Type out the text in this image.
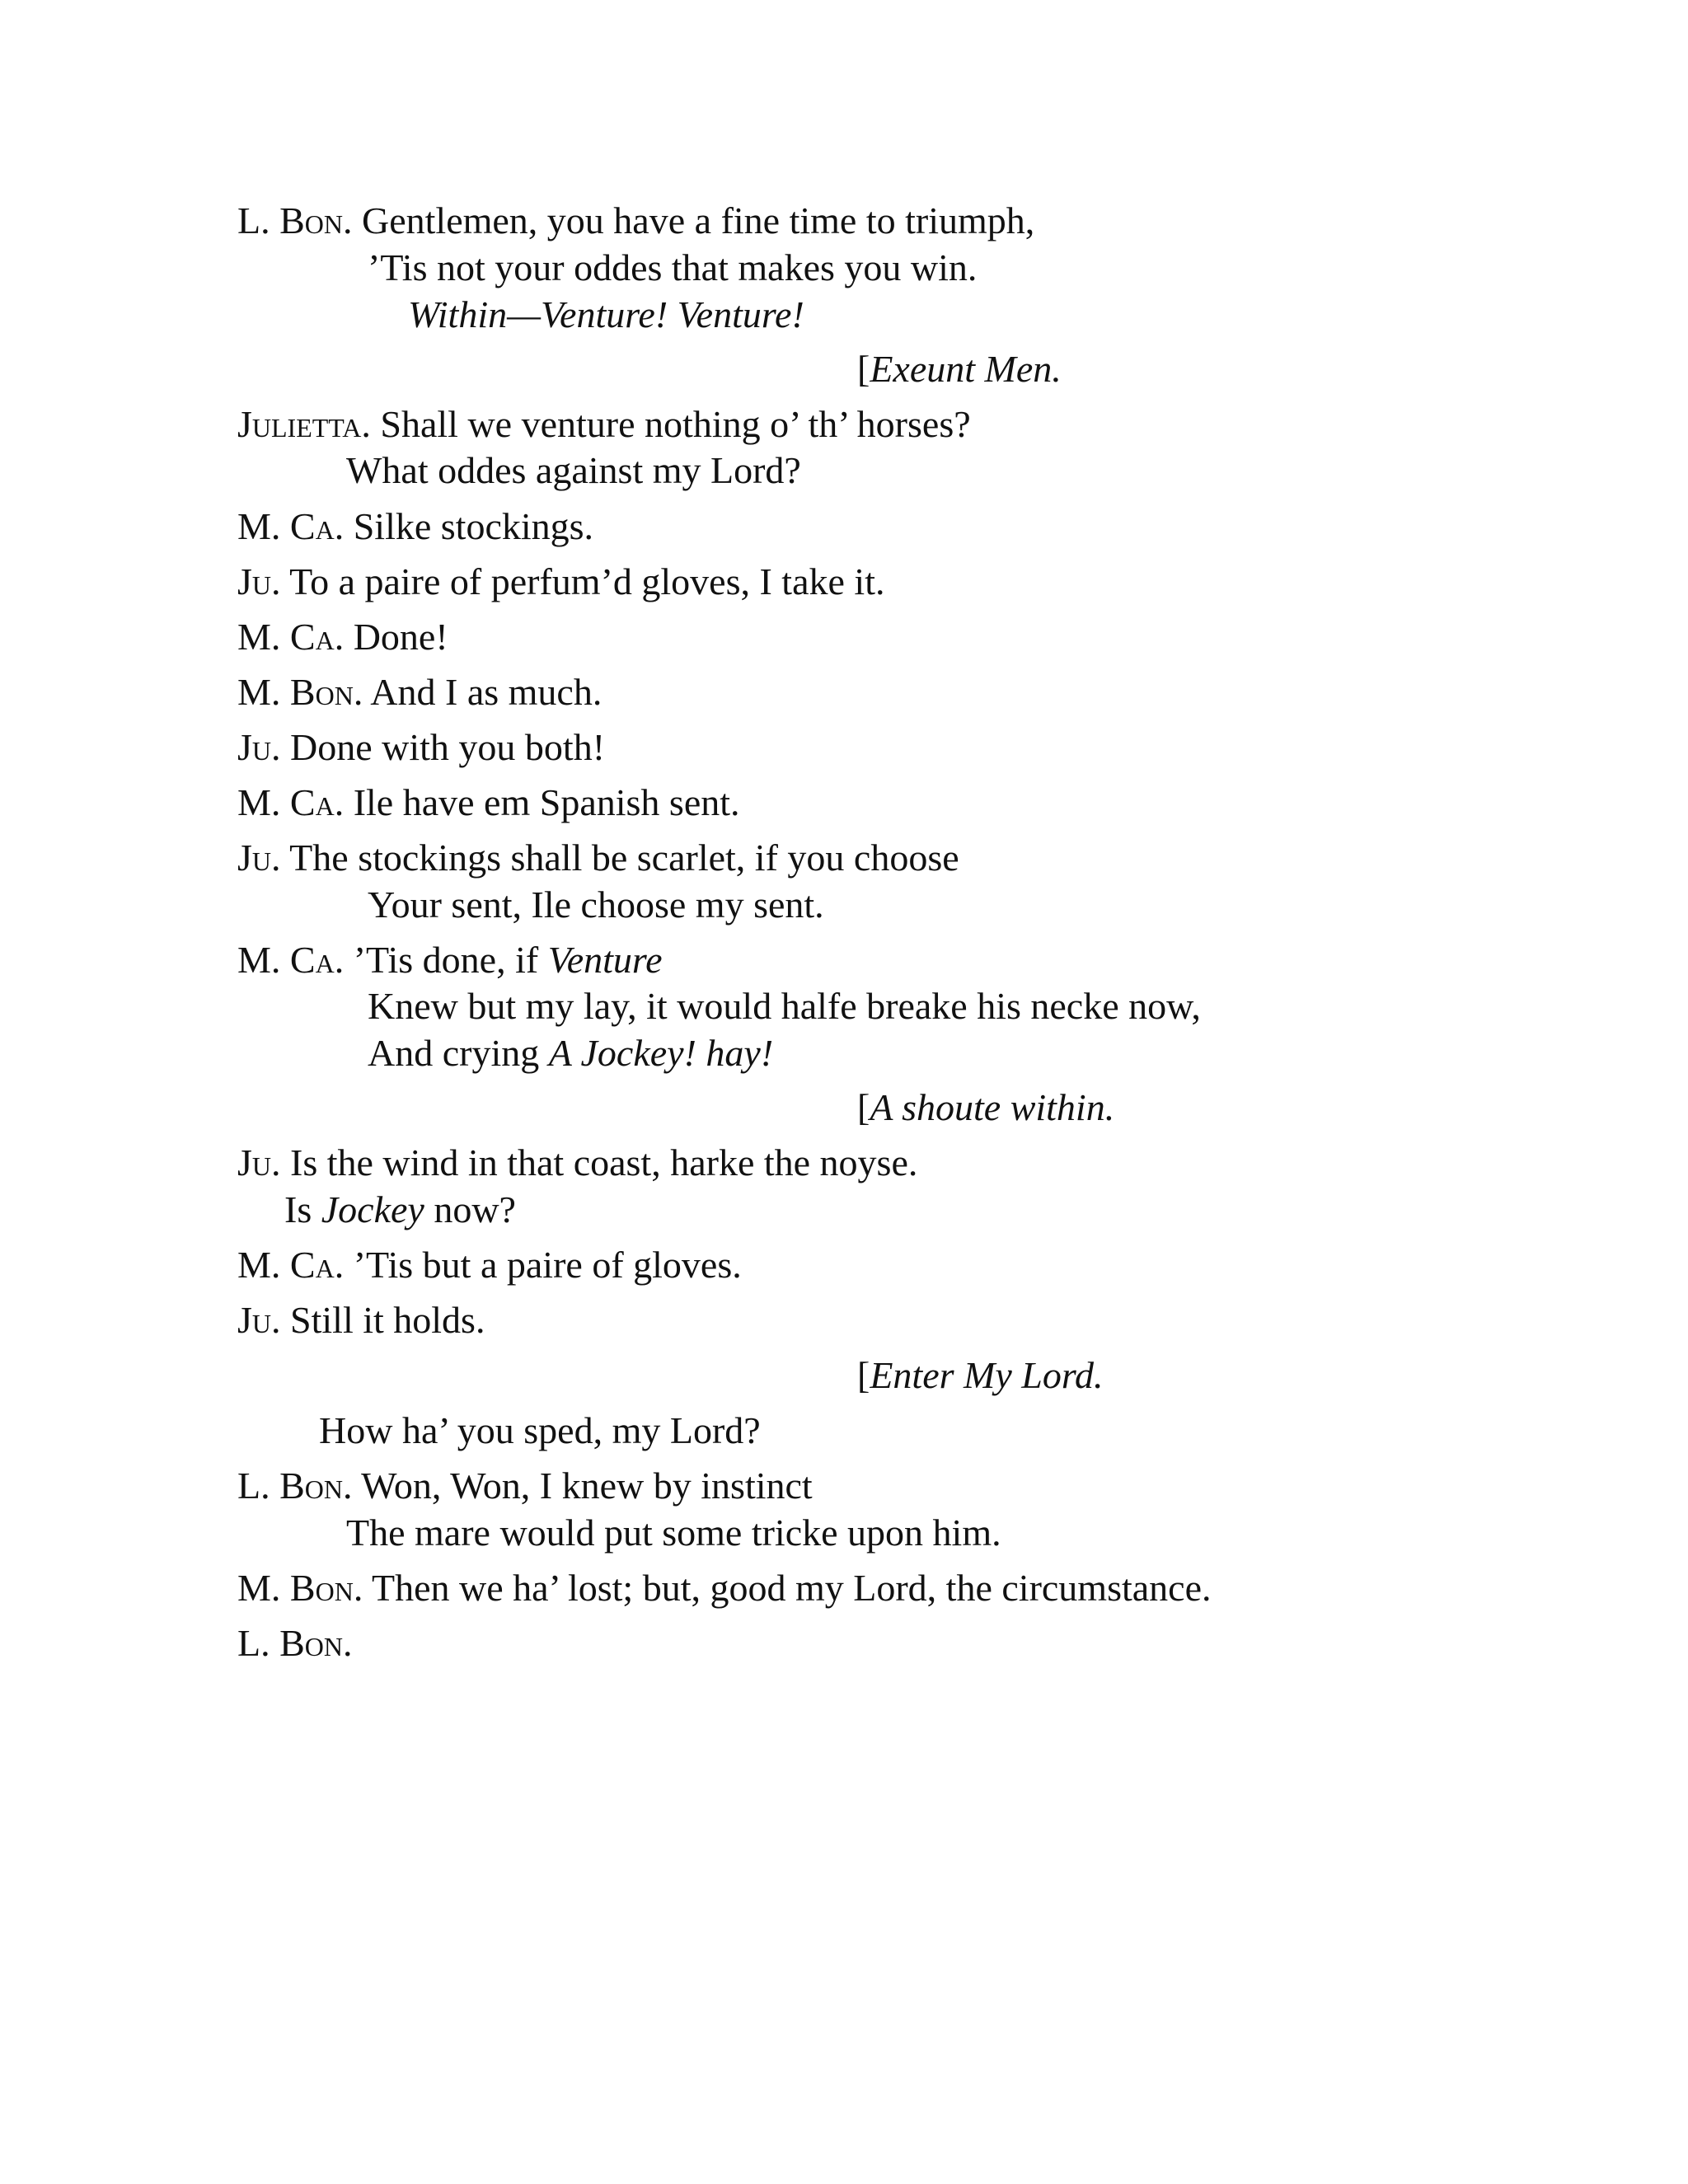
L. Bon. Gentlemen, you have a fine time to triumph,
’Tis not your oddes that makes you win.
Within—Venture! Venture!
[Exeunt Men.
Julietta. Shall we venture nothing o’ th’ horses?
What oddes against my Lord?
M. Ca. Silke stockings.
Ju. To a paire of perfum’d gloves, I take it.
M. Ca. Done!
M. Bon. And I as much.
Ju. Done with you both!
M. Ca. Ile have em Spanish sent.
Ju. The stockings shall be scarlet, if you choose
Your sent, Ile choose my sent.
M. Ca. ’Tis done, if Venture
Knew but my lay, it would halfe breake his necke now,
And crying A Jockey! hay!
[A shoute within.
Ju. Is the wind in that coast, harke the noyse.
Is Jockey now?
M. Ca. ’Tis but a paire of gloves.
Ju. Still it holds.
[Enter My Lord.
How ha’ you sped, my Lord?
L. Bon. Won, Won, I knew by instinct
The mare would put some tricke upon him.
M. Bon. Then we ha’ lost; but, good my Lord, the circumstance.
L. Bon.
